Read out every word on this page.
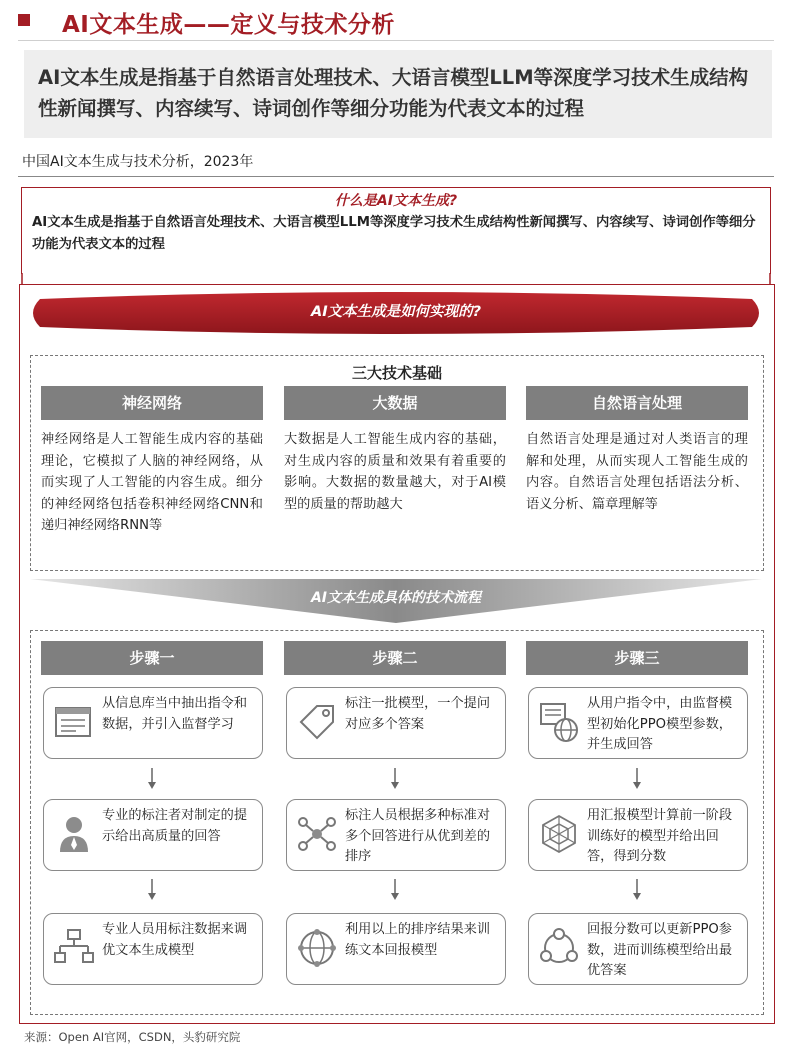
AI文本生成——定义与技术分析
AI文本生成是指基于自然语言处理技术、大语言模型LLM等深度学习技术生成结构性新闻撰写、内容续写、诗词创作等细分功能为代表文本的过程
中国AI文本生成与技术分析，2023年
什么是AI文本生成?
AI文本生成是指基于自然语言处理技术、大语言模型LLM等深度学习技术生成结构性新闻撰写、内容续写、诗词创作等细分功能为代表文本的过程
AI文本生成是如何实现的?
三大技术基础
神经网络
神经网络是人工智能生成内容的基础理论，它模拟了人脑的神经网络，从而实现了人工智能的内容生成。细分的神经网络包括卷积神经网络CNN和递归神经网络RNN等
大数据
大数据是人工智能生成内容的基础，对生成内容的质量和效果有着重要的影响。大数据的数量越大，对于AI模型的质量的帮助越大
自然语言处理
自然语言处理是通过对人类语言的理解和处理，从而实现人工智能生成的内容。自然语言处理包括语法分析、语义分析、篇章理解等
AI文本生成具体的技术流程
步骤一
从信息库当中抽出指令和数据，并引入监督学习
专业的标注者对制定的提示给出高质量的回答
专业人员用标注数据来调优文本生成模型
步骤二
标注一批模型，一个提问对应多个答案
标注人员根据多种标准对多个回答进行从优到差的排序
利用以上的排序结果来训练文本回报模型
步骤三
从用户指令中，由监督模型初始化PPO模型参数，并生成回答
用汇报模型计算前一阶段训练好的模型并给出回答，得到分数
回报分数可以更新PPO参数，进而训练模型给出最优答案
来源：Open AI官网，CSDN，头豹研究院
